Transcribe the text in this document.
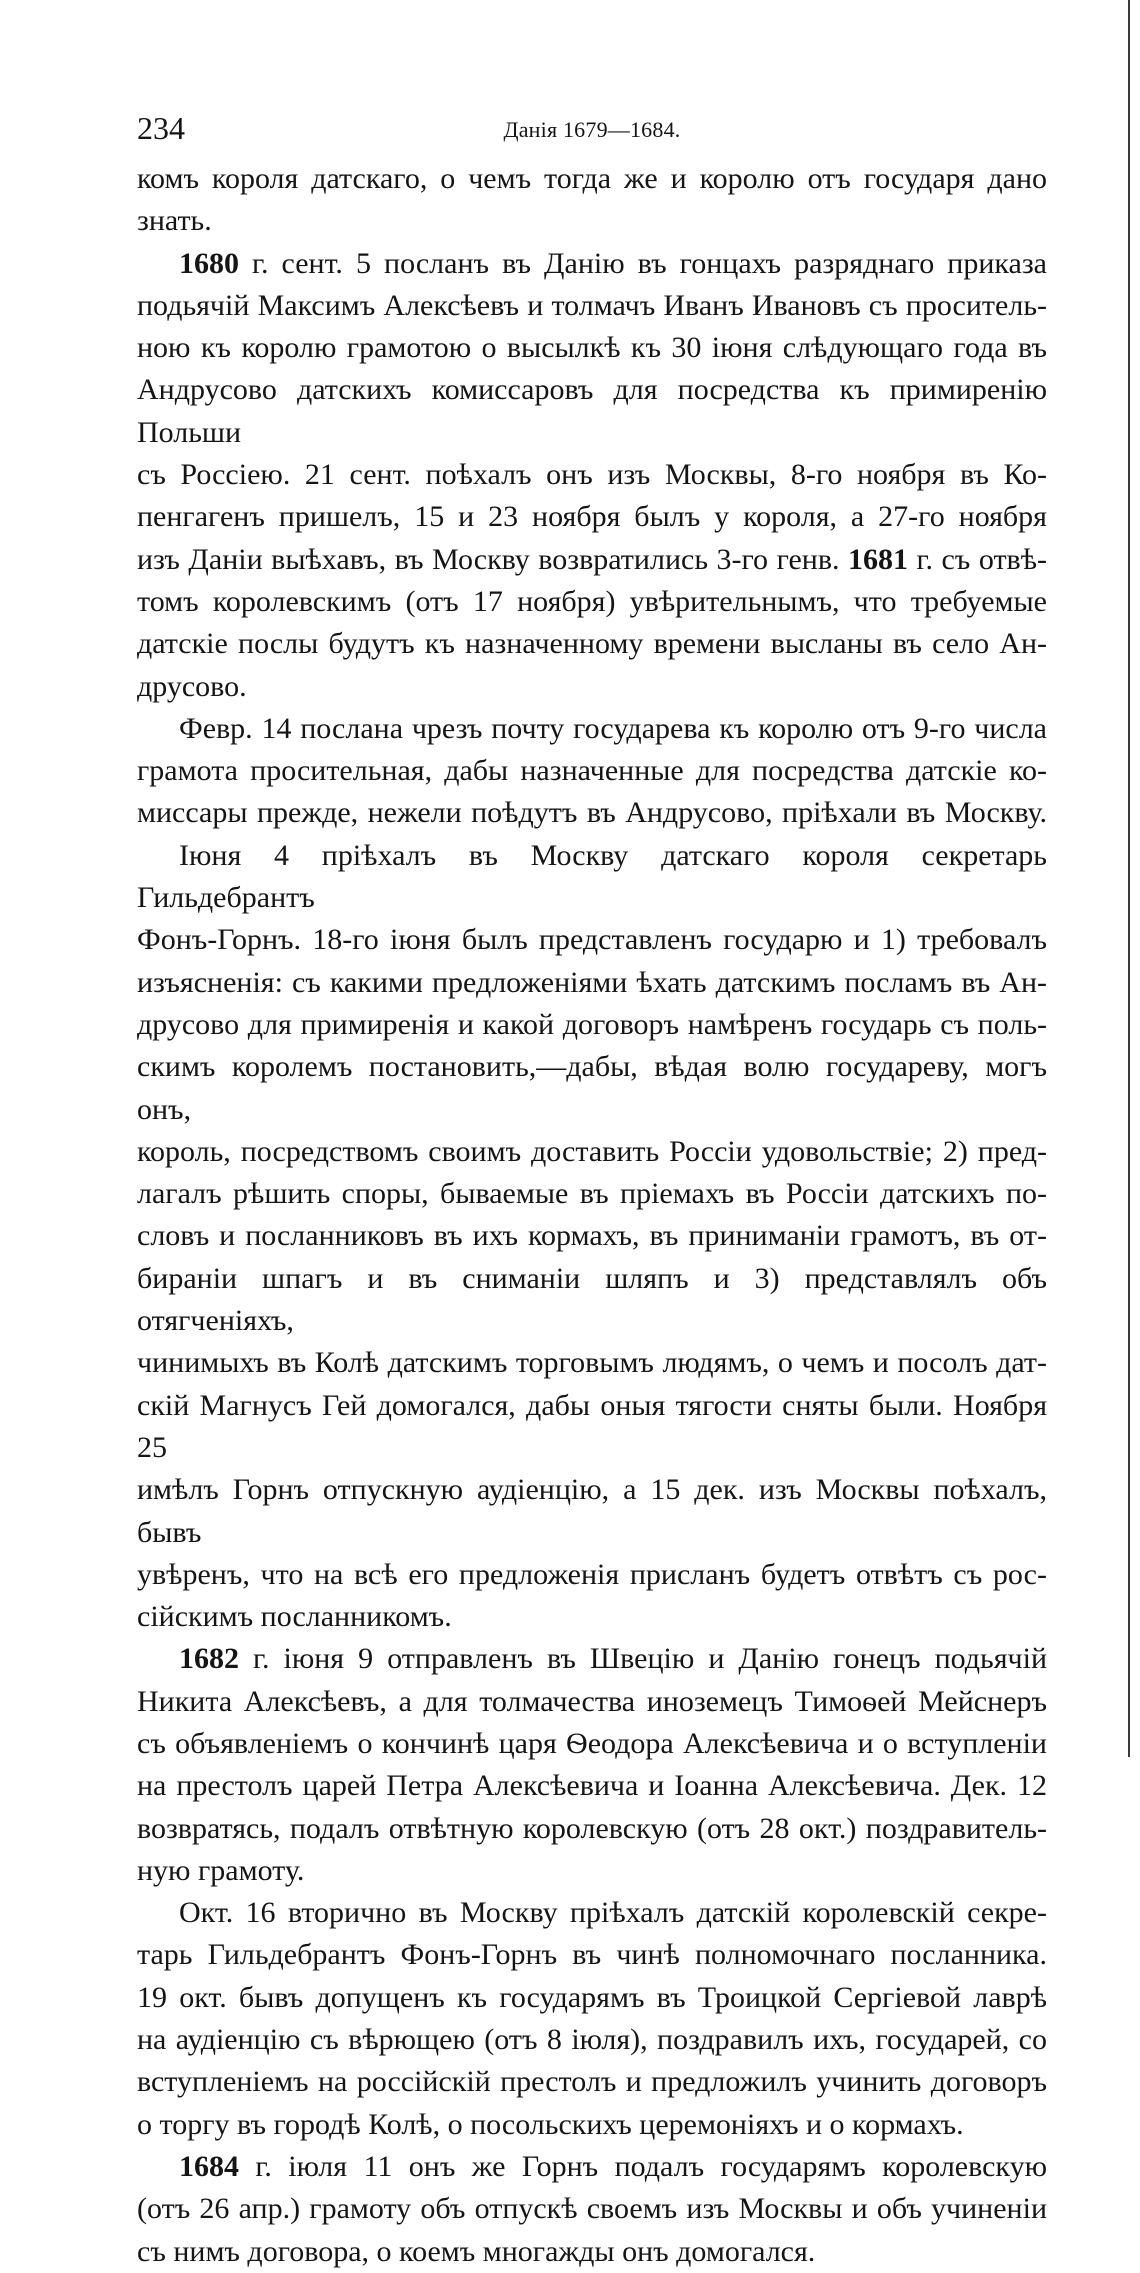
234	Данія 1679—1684.
комъ короля датскаго, о чемъ тогда же и королю отъ государя дано
знать.
1680 г. сент. 5 посланъ въ Данію въ гонцахъ разряднаго приказа
подьячій Максимъ Алексѣевъ и толмачъ Иванъ Ивановъ съ проситель-
ною къ королю грамотою о высылкѣ къ 30 іюня слѣдующаго года въ
Андрусово датскихъ комиссаровъ для посредства къ примиренію Польши
съ Россіею. 21 сент. поѣхалъ онъ изъ Москвы, 8-го ноября въ Ко-
пенгагенъ пришелъ, 15 и 23 ноября былъ у короля, а 27-го ноября
изъ Даніи выѣхавъ, въ Москву возвратились 3-го генв. 1681 г. съ отвѣ-
томъ королевскимъ (отъ 17 ноября) увѣрительнымъ, что требуемые
датскіе послы будутъ къ назначенному времени высланы въ село Ан-
друсово.
Февр. 14 послана чрезъ почту государева къ королю отъ 9-го числа
грамота просительная, дабы назначенные для посредства датскіе ко-
миссары прежде, нежели поѣдутъ въ Андрусово, пріѣхали въ Москву.
Іюня 4 пріѣхалъ въ Москву датскаго короля секретарь Гильдебрантъ
Фонъ-Горнъ. 18-го іюня былъ представленъ государю и 1) требовалъ
изъясненія: съ какими предложеніями ѣхать датскимъ посламъ въ Ан-
друсово для примиренія и какой договоръ намѣренъ государь съ поль-
скимъ королемъ постановить,—дабы, вѣдая волю государеву, могъ онъ,
король, посредствомъ своимъ доставить Россіи удовольствіе; 2) пред-
лагалъ рѣшить споры, бываемые въ пріемахъ въ Россіи датскихъ по-
словъ и посланниковъ въ ихъ кормахъ, въ приниманіи грамотъ, въ от-
бираніи шпагъ и въ сниманіи шляпъ и 3) представлялъ объ отягченіяхъ,
чинимыхъ въ Колѣ датскимъ торговымъ людямъ, о чемъ и посолъ дат-
скій Магнусъ Гей домогался, дабы оныя тягости сняты были. Ноября 25
имѣлъ Горнъ отпускную аудіенцію, а 15 дек. изъ Москвы поѣхалъ, бывъ
увѣренъ, что на всѣ его предложенія присланъ будетъ отвѣтъ съ рос-
сійскимъ посланникомъ.
1682 г. іюня 9 отправленъ въ Швецію и Данію гонецъ подьячій
Никита Алексѣевъ, а для толмачества иноземецъ Тимоѳей Мейснеръ
съ объявленіемъ о кончинѣ царя Ѳеодора Алексѣевича и о вступленіи
на престолъ царей Петра Алексѣевича и Іоанна Алексѣевича. Дек. 12
возвратясь, подалъ отвѣтную королевскую (отъ 28 окт.) поздравитель-
ную грамоту.
Окт. 16 вторично въ Москву пріѣхалъ датскій королевскій секре-
тарь Гильдебрантъ Фонъ-Горнъ въ чинѣ полномочнаго посланника.
19 окт. бывъ допущенъ къ государямъ въ Троицкой Сергіевой лаврѣ
на аудіенцію съ вѣрющею (отъ 8 іюля), поздравилъ ихъ, государей, со
вступленіемъ на россійскій престолъ и предложилъ учинить договоръ
о торгу въ городѣ Колѣ, о посольскихъ церемоніяхъ и о кормахъ.
1684 г. іюля 11 онъ же Горнъ подалъ государямъ королевскую
(отъ 26 апр.) грамоту объ отпускѣ своемъ изъ Москвы и объ учиненіи
съ нимъ договора, о коемъ многажды онъ домогался.
